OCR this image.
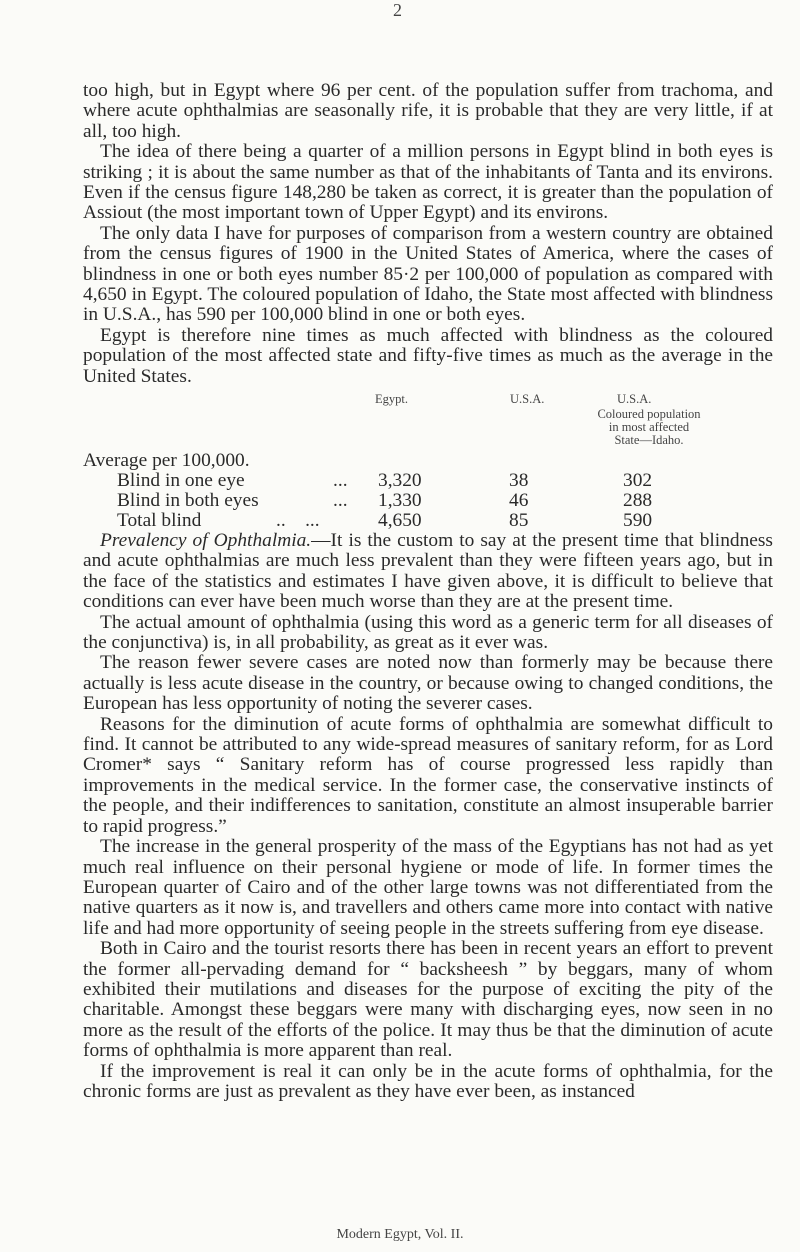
2

too high, but in Egypt where 96 per cent. of the population suffer from trachoma, and where acute ophthalmias are seasonally rife, it is probable that they are very little, if at all, too high.

The idea of there being a quarter of a million persons in Egypt blind in both eyes is striking ; it is about the same number as that of the inhabitants of Tanta and its environs. Even if the census figure 148,280 be taken as correct, it is greater than the population of Assiout (the most important town of Upper Egypt) and its environs.

The only data I have for purposes of comparison from a western country are obtained from the census figures of 1900 in the United States of America, where the cases of blindness in one or both eyes number 85·2 per 100,000 of population as compared with 4,650 in Egypt. The coloured population of Idaho, the State most affected with blindness in U.S.A., has 590 per 100,000 blind in one or both eyes.

Egypt is therefore nine times as much affected with blindness as the coloured population of the most affected state and fifty-five times as much as the average in the United States.

Egypt.	U.S.A.	U.S.A.
Coloured population
in most affected
State—Idaho.
Average per 100,000.
Blind in one eye	... 3,320	38	302
Blind in both eyes	... 1,330	46	288
Total blind	..    ...	4,650	85	590

Prevalency of Ophthalmia.—It is the custom to say at the present time that blindness and acute ophthalmias are much less prevalent than they were fifteen years ago, but in the face of the statistics and estimates I have given above, it is difficult to believe that conditions can ever have been much worse than they are at the present time.

The actual amount of ophthalmia (using this word as a generic term for all diseases of the conjunctiva) is, in all probability, as great as it ever was.

The reason fewer severe cases are noted now than formerly may be because there actually is less acute disease in the country, or because owing to changed conditions, the European has less opportunity of noting the severer cases.

Reasons for the diminution of acute forms of ophthalmia are somewhat difficult to find. It cannot be attributed to any wide-spread measures of sanitary reform, for as Lord Cromer* says “ Sanitary reform has of course progressed less rapidly than improvements in the medical service. In the former case, the conservative instincts of the people, and their indifferences to sanitation, constitute an almost insuperable barrier to rapid progress.”

The increase in the general prosperity of the mass of the Egyptians has not had as yet much real influence on their personal hygiene or mode of life. In former times the European quarter of Cairo and of the other large towns was not differentiated from the native quarters as it now is, and travellers and others came more into contact with native life and had more opportunity of seeing people in the streets suffering from eye disease.

Both in Cairo and the tourist resorts there has been in recent years an effort to prevent the former all-pervading demand for “ backsheesh ” by beggars, many of whom exhibited their mutilations and diseases for the purpose of exciting the pity of the charitable. Amongst these beggars were many with discharging eyes, now seen in no more as the result of the efforts of the police. It may thus be that the diminution of acute forms of ophthalmia is more apparent than real.

If the improvement is real it can only be in the acute forms of ophthalmia, for the chronic forms are just as prevalent as they have ever been, as instanced

Modern Egypt, Vol. II.
